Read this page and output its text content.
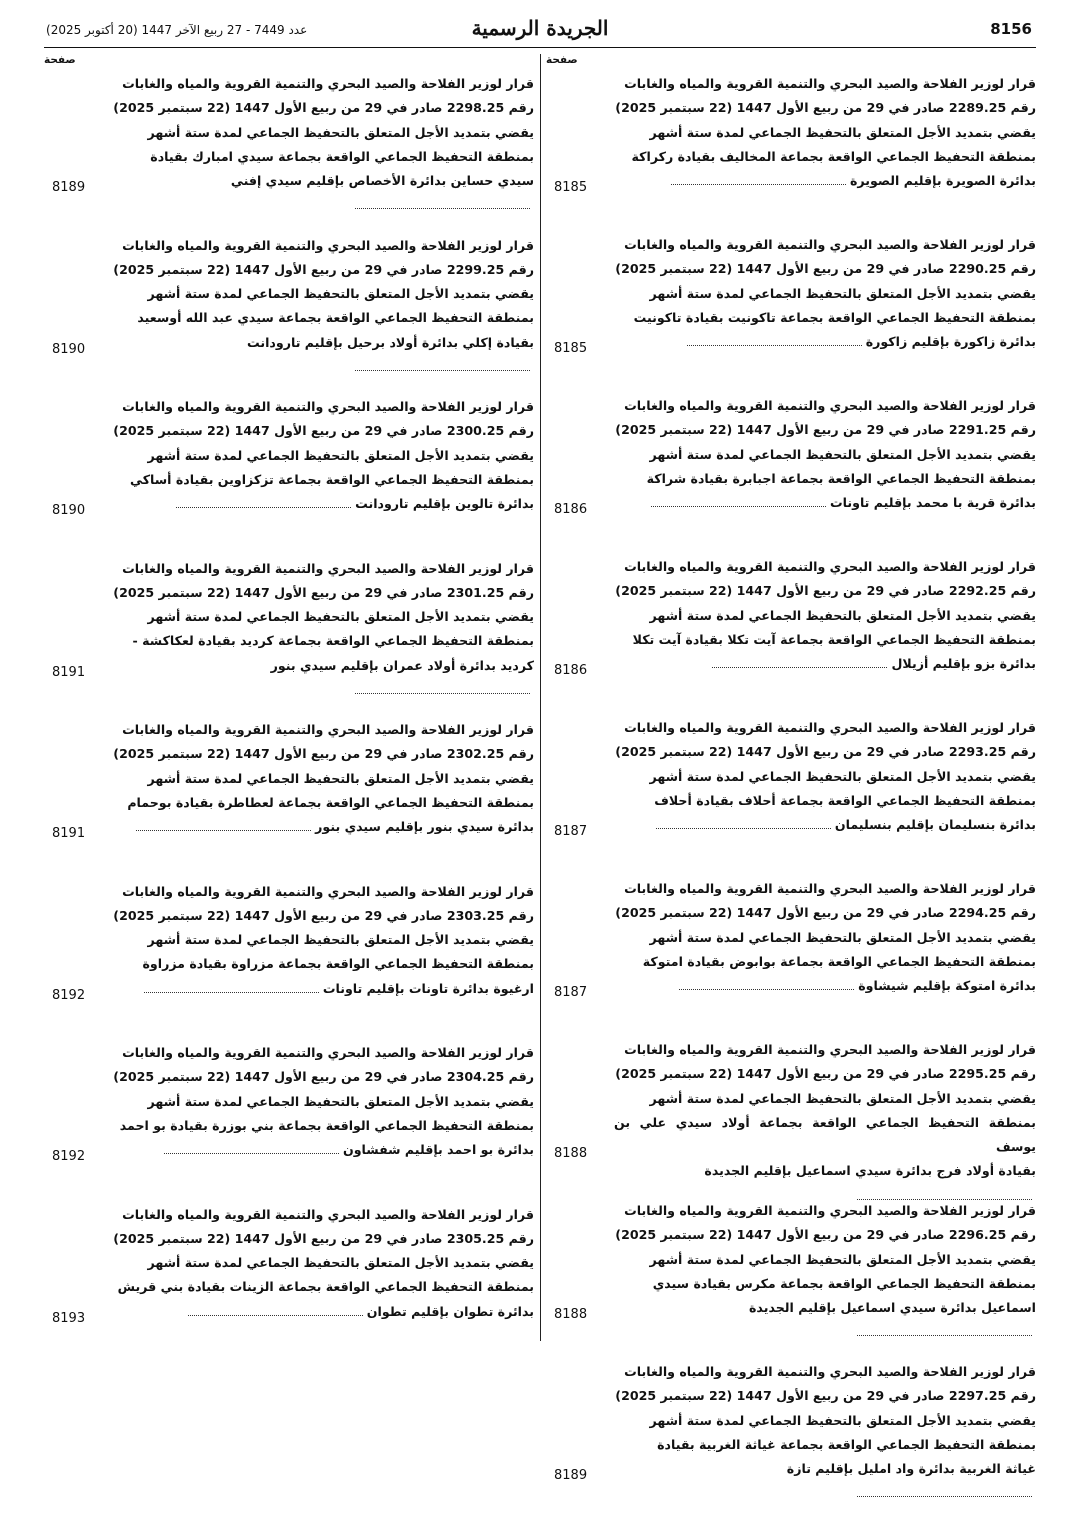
8156
الجريدة الرسمية
عدد 7449 - 27 ربيع الآخر 1447 (20 أكتوبر 2025)
صفحة
قرار لوزير الفلاحة والصيد البحري والتنمية القروية والمياه والغابات
رقم 2289.25 صادر في 29 من ربيع الأول 1447 (22 سبتمبر 2025)
يقضي بتمديد الأجل المتعلق بالتحفيظ الجماعي لمدة ستة أشهر
بمنطقة التحفيظ الجماعي الواقعة بجماعة المخاليف بقيادة ركراكة
بدائرة الصويرة بإقليم الصويرة
8185
قرار لوزير الفلاحة والصيد البحري والتنمية القروية والمياه والغابات
رقم 2290.25 صادر في 29 من ربيع الأول 1447 (22 سبتمبر 2025)
يقضي بتمديد الأجل المتعلق بالتحفيظ الجماعي لمدة ستة أشهر
بمنطقة التحفيظ الجماعي الواقعة بجماعة تاكونيت بقيادة تاكونيت
بدائرة زاكورة بإقليم زاكورة
8185
قرار لوزير الفلاحة والصيد البحري والتنمية القروية والمياه والغابات
رقم 2291.25 صادر في 29 من ربيع الأول 1447 (22 سبتمبر 2025)
يقضي بتمديد الأجل المتعلق بالتحفيظ الجماعي لمدة ستة أشهر
بمنطقة التحفيظ الجماعي الواقعة بجماعة اجبابرة بقيادة شراكة
بدائرة قرية با محمد بإقليم تاونات
8186
قرار لوزير الفلاحة والصيد البحري والتنمية القروية والمياه والغابات
رقم 2292.25 صادر في 29 من ربيع الأول 1447 (22 سبتمبر 2025)
يقضي بتمديد الأجل المتعلق بالتحفيظ الجماعي لمدة ستة أشهر
بمنطقة التحفيظ الجماعي الواقعة بجماعة آيت تكلا بقيادة آيت تكلا
بدائرة بزو بإقليم أزيلال
8186
قرار لوزير الفلاحة والصيد البحري والتنمية القروية والمياه والغابات
رقم 2293.25 صادر في 29 من ربيع الأول 1447 (22 سبتمبر 2025)
يقضي بتمديد الأجل المتعلق بالتحفيظ الجماعي لمدة ستة أشهر
بمنطقة التحفيظ الجماعي الواقعة بجماعة أحلاف بقيادة أحلاف
بدائرة بنسليمان بإقليم بنسليمان
8187
قرار لوزير الفلاحة والصيد البحري والتنمية القروية والمياه والغابات
رقم 2294.25 صادر في 29 من ربيع الأول 1447 (22 سبتمبر 2025)
يقضي بتمديد الأجل المتعلق بالتحفيظ الجماعي لمدة ستة أشهر
بمنطقة التحفيظ الجماعي الواقعة بجماعة بوابوض بقيادة امتوكة
بدائرة امتوكة بإقليم شيشاوة
8187
قرار لوزير الفلاحة والصيد البحري والتنمية القروية والمياه والغابات
رقم 2295.25 صادر في 29 من ربيع الأول 1447 (22 سبتمبر 2025)
يقضي بتمديد الأجل المتعلق بالتحفيظ الجماعي لمدة ستة أشهر
بمنطقة التحفيظ الجماعي الواقعة بجماعة أولاد سيدي علي بن يوسف
بقيادة أولاد فرج بدائرة سيدي اسماعيل بإقليم الجديدة
8188
قرار لوزير الفلاحة والصيد البحري والتنمية القروية والمياه والغابات
رقم 2296.25 صادر في 29 من ربيع الأول 1447 (22 سبتمبر 2025)
يقضي بتمديد الأجل المتعلق بالتحفيظ الجماعي لمدة ستة أشهر
بمنطقة التحفيظ الجماعي الواقعة بجماعة مكرس بقيادة سيدي
اسماعيل بدائرة سيدي اسماعيل بإقليم الجديدة
8188
قرار لوزير الفلاحة والصيد البحري والتنمية القروية والمياه والغابات
رقم 2297.25 صادر في 29 من ربيع الأول 1447 (22 سبتمبر 2025)
يقضي بتمديد الأجل المتعلق بالتحفيظ الجماعي لمدة ستة أشهر
بمنطقة التحفيظ الجماعي الواقعة بجماعة غياثة الغربية بقيادة
غياثة الغربية بدائرة واد امليل بإقليم تازة
8189
صفحة
قرار لوزير الفلاحة والصيد البحري والتنمية القروية والمياه والغابات
رقم 2298.25 صادر في 29 من ربيع الأول 1447 (22 سبتمبر 2025)
يقضي بتمديد الأجل المتعلق بالتحفيظ الجماعي لمدة ستة أشهر
بمنطقة التحفيظ الجماعي الواقعة بجماعة سيدي امبارك بقيادة
سيدي حساين بدائرة الأخصاص بإقليم سيدي إفني
8189
قرار لوزير الفلاحة والصيد البحري والتنمية القروية والمياه والغابات
رقم 2299.25 صادر في 29 من ربيع الأول 1447 (22 سبتمبر 2025)
يقضي بتمديد الأجل المتعلق بالتحفيظ الجماعي لمدة ستة أشهر
بمنطقة التحفيظ الجماعي الواقعة بجماعة سيدي عبد الله أوسعيد
بقيادة إكلي بدائرة أولاد برحيل بإقليم تارودانت
8190
قرار لوزير الفلاحة والصيد البحري والتنمية القروية والمياه والغابات
رقم 2300.25 صادر في 29 من ربيع الأول 1447 (22 سبتمبر 2025)
يقضي بتمديد الأجل المتعلق بالتحفيظ الجماعي لمدة ستة أشهر
بمنطقة التحفيظ الجماعي الواقعة بجماعة تزكزاوين بقيادة أساكي
بدائرة تالوين بإقليم تارودانت
8190
قرار لوزير الفلاحة والصيد البحري والتنمية القروية والمياه والغابات
رقم 2301.25 صادر في 29 من ربيع الأول 1447 (22 سبتمبر 2025)
يقضي بتمديد الأجل المتعلق بالتحفيظ الجماعي لمدة ستة أشهر
بمنطقة التحفيظ الجماعي الواقعة بجماعة كرديد بقيادة لعكاكشة -
كرديد بدائرة أولاد عمران بإقليم سيدي بنور
8191
قرار لوزير الفلاحة والصيد البحري والتنمية القروية والمياه والغابات
رقم 2302.25 صادر في 29 من ربيع الأول 1447 (22 سبتمبر 2025)
يقضي بتمديد الأجل المتعلق بالتحفيظ الجماعي لمدة ستة أشهر
بمنطقة التحفيظ الجماعي الواقعة بجماعة لعطاطرة بقيادة بوحمام
بدائرة سيدي بنور بإقليم سيدي بنور
8191
قرار لوزير الفلاحة والصيد البحري والتنمية القروية والمياه والغابات
رقم 2303.25 صادر في 29 من ربيع الأول 1447 (22 سبتمبر 2025)
يقضي بتمديد الأجل المتعلق بالتحفيظ الجماعي لمدة ستة أشهر
بمنطقة التحفيظ الجماعي الواقعة بجماعة مزراوة بقيادة مزراوة
ارغيوة بدائرة تاونات بإقليم تاونات
8192
قرار لوزير الفلاحة والصيد البحري والتنمية القروية والمياه والغابات
رقم 2304.25 صادر في 29 من ربيع الأول 1447 (22 سبتمبر 2025)
يقضي بتمديد الأجل المتعلق بالتحفيظ الجماعي لمدة ستة أشهر
بمنطقة التحفيظ الجماعي الواقعة بجماعة بني بوزرة بقيادة بو احمد
بدائرة بو احمد بإقليم شفشاون
8192
قرار لوزير الفلاحة والصيد البحري والتنمية القروية والمياه والغابات
رقم 2305.25 صادر في 29 من ربيع الأول 1447 (22 سبتمبر 2025)
يقضي بتمديد الأجل المتعلق بالتحفيظ الجماعي لمدة ستة أشهر
بمنطقة التحفيظ الجماعي الواقعة بجماعة الزينات بقيادة بني قريش
بدائرة تطوان بإقليم تطوان
8193
